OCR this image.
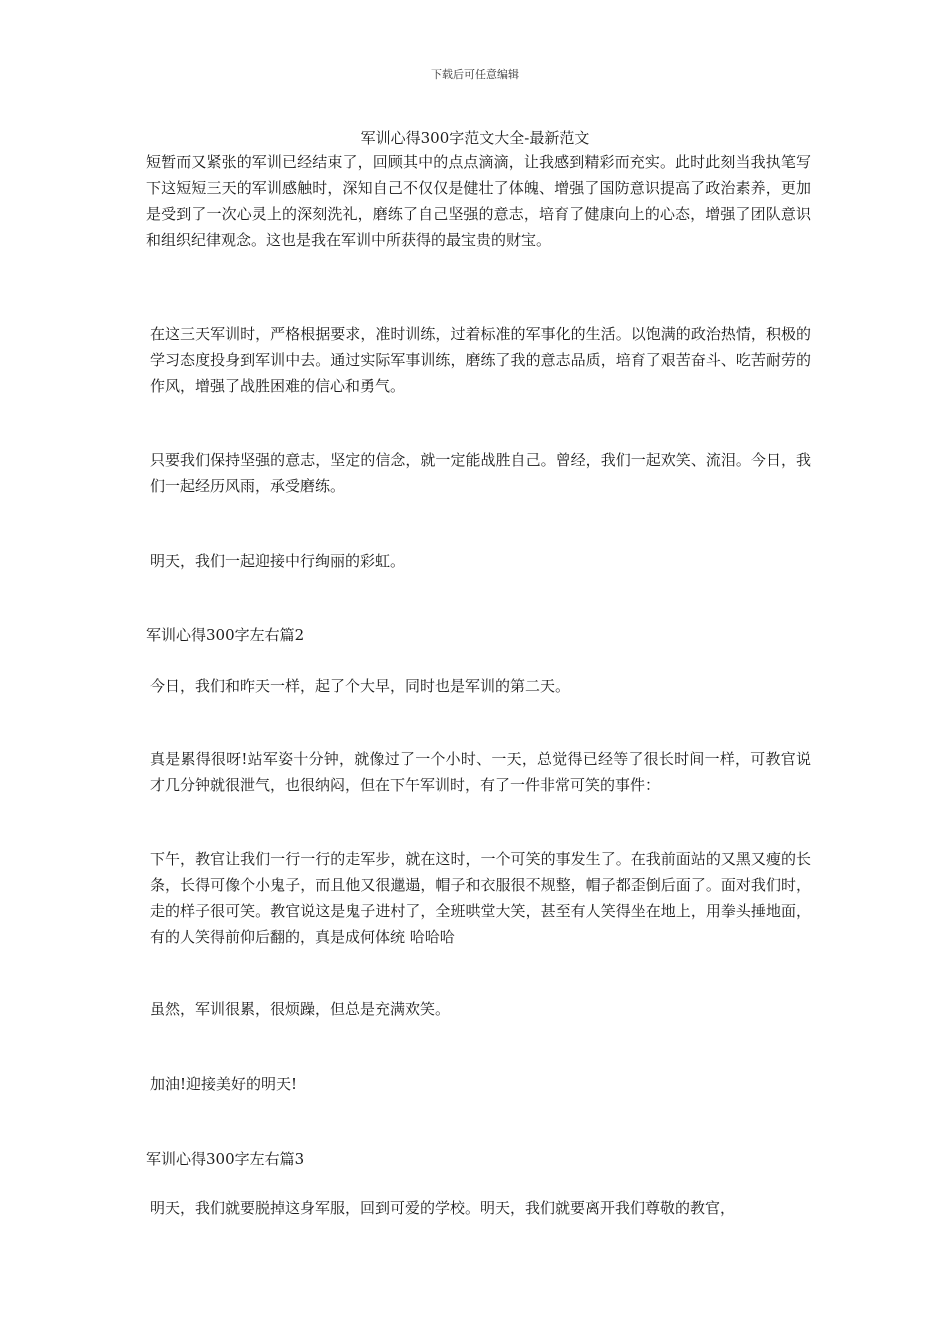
下载后可任意编辑
军训心得300字范文大全-最新范文

短暂而又紧张的军训已经结束了，回顾其中的点点滴滴，让我感到精彩而充实。此时此刻当我执笔写下这短短三天的军训感触时，深知自己不仅仅是健壮了体魄、增强了国防意识提高了政治素养，更加是受到了一次心灵上的深刻洗礼，磨练了自己坚强的意志，培育了健康向上的心态，增强了团队意识和组织纪律观念。这也是我在军训中所获得的最宝贵的财宝。

在这三天军训时，严格根据要求，准时训练，过着标准的军事化的生活。以饱满的政治热情，积极的学习态度投身到军训中去。通过实际军事训练，磨练了我的意志品质，培育了艰苦奋斗、吃苦耐劳的作风，增强了战胜困难的信心和勇气。

只要我们保持坚强的意志，坚定的信念，就一定能战胜自己。曾经，我们一起欢笑、流泪。今日，我们一起经历风雨，承受磨练。

明天，我们一起迎接中行绚丽的彩虹。

军训心得300字左右篇2

今日，我们和昨天一样，起了个大早，同时也是军训的第二天。

真是累得很呀!站军姿十分钟，就像过了一个小时、一天，总觉得已经等了很长时间一样，可教官说才几分钟就很泄气，也很纳闷，但在下午军训时，有了一件非常可笑的事件：

下午，教官让我们一行一行的走军步，就在这时，一个可笑的事发生了。在我前面站的又黑又瘦的长条，长得可像个小鬼子，而且他又很邋遢，帽子和衣服很不规整，帽子都歪倒后面了。面对我们时，走的样子很可笑。教官说这是鬼子进村了，全班哄堂大笑，甚至有人笑得坐在地上，用拳头捶地面，有的人笑得前仰后翻的，真是成何体统 哈哈哈

虽然，军训很累，很烦躁，但总是充满欢笑。

加油!迎接美好的明天!

军训心得300字左右篇3

明天，我们就要脱掉这身军服，回到可爱的学校。明天，我们就要离开我们尊敬的教官，
